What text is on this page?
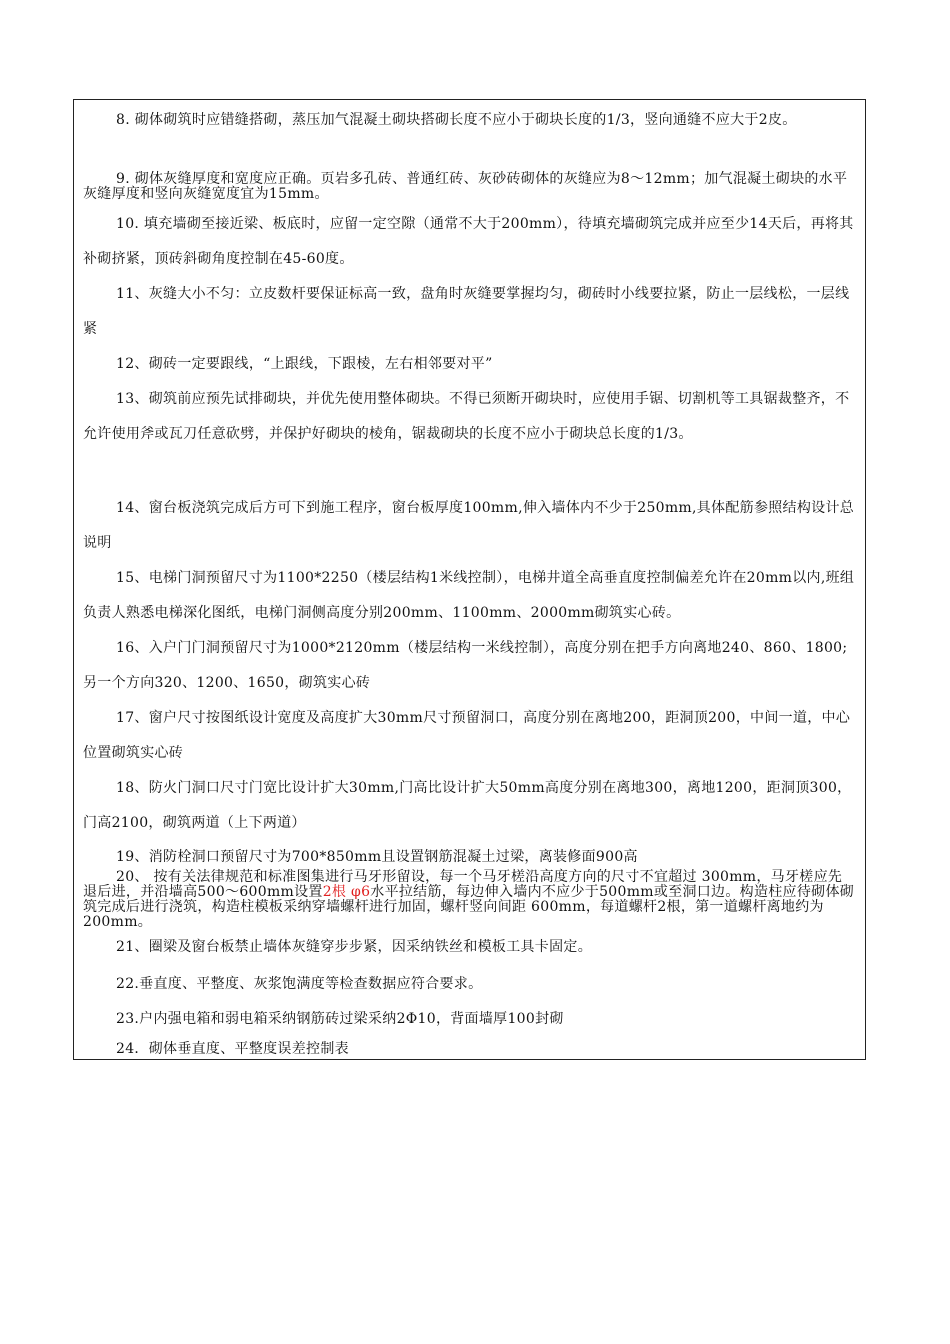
8. 砌体砌筑时应错缝搭砌，蒸压加气混凝土砌块搭砌长度不应小于砌块长度的1/3，竖向通缝不应大于2皮。

9. 砌体灰缝厚度和宽度应正确。页岩多孔砖、普通红砖、灰砂砖砌体的灰缝应为8～12mm；加气混凝土砌块的水平灰缝厚度和竖向灰缝宽度宜为15mm。

10. 填充墙砌至接近梁、板底时，应留一定空隙（通常不大于200mm），待填充墙砌筑完成并应至少14天后，再将其补砌挤紧，顶砖斜砌角度控制在45-60度。

11、灰缝大小不匀：立皮数杆要保证标高一致，盘角时灰缝要掌握均匀，砌砖时小线要拉紧，防止一层线松，一层线紧

12、砌砖一定要跟线，“上跟线，下跟棱，左右相邻要对平”

13、砌筑前应预先试排砌块，并优先使用整体砌块。不得已须断开砌块时，应使用手锯、切割机等工具锯裁整齐，不允许使用斧或瓦刀任意砍劈，并保护好砌块的棱角，锯裁砌块的长度不应小于砌块总长度的1/3。

14、窗台板浇筑完成后方可下到施工程序，窗台板厚度100mm,伸入墙体内不少于250mm,具体配筋参照结构设计总说明

15、电梯门洞预留尺寸为1100*2250（楼层结构1米线控制），电梯井道全高垂直度控制偏差允许在20mm以内,班组负责人熟悉电梯深化图纸，电梯门洞侧高度分别200mm、1100mm、2000mm砌筑实心砖。

16、入户门门洞预留尺寸为1000*2120mm（楼层结构一米线控制），高度分别在把手方向离地240、860、1800;另一个方向320、1200、1650，砌筑实心砖

17、窗户尺寸按图纸设计宽度及高度扩大30mm尺寸预留洞口，高度分别在离地200，距洞顶200，中间一道，中心位置砌筑实心砖

18、防火门洞口尺寸门宽比设计扩大30mm,门高比设计扩大50mm高度分别在离地300，离地1200，距洞顶300，门高2100，砌筑两道（上下两道）

19、消防栓洞口预留尺寸为700*850mm且设置钢筋混凝土过梁，离装修面900高

20、 按有关法律规范和标准图集进行马牙形留设，每一个马牙槎沿高度方向的尺寸不宜超过 300mm，马牙槎应先退后进，并沿墙高500～600mm设置2根 φ6水平拉结筋，每边伸入墙内不应少于500mm或至洞口边。构造柱应待砌体砌筑完成后进行浇筑，构造柱模板采纳穿墙螺杆进行加固，螺杆竖向间距 600mm，每道螺杆2根，第一道螺杆离地约为200mm。

21、圈梁及窗台板禁止墙体灰缝穿步步紧，因采纳铁丝和模板工具卡固定。

22.垂直度、平整度、灰浆饱满度等检查数据应符合要求。

23.户内强电箱和弱电箱采纳钢筋砖过梁采纳2Φ10，背面墙厚100封砌

24．砌体垂直度、平整度误差控制表
